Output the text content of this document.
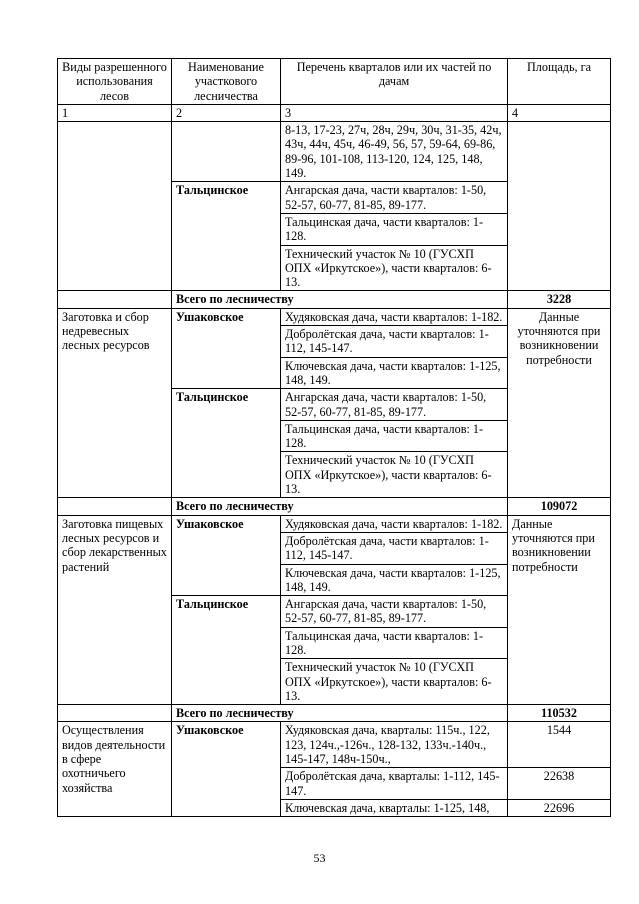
Виды разрешенного использования лесов	Наименование участкового лесничества	Перечень кварталов или их частей по дачам	Площадь, га
1	2	3	4
		8-13, 17-23, 27ч, 28ч, 29ч, 30ч, 31-35, 42ч, 43ч, 44ч, 45ч, 46-49, 56, 57, 59-64, 69-86, 89-96, 101-108, 113-120, 124, 125, 148, 149.	
	Тальцинское	Ангарская дача, части кварталов: 1-50, 52-57, 60-77, 81-85, 89-177.	
		Тальцинская дача, части кварталов: 1-128.	
		Технический участок № 10 (ГУСХП ОПХ «Иркутское»), части кварталов: 6-13.	
	Всего по лесничеству		3228
Заготовка и сбор недревесных лесных ресурсов	Ушаковское	Худяковская дача, части кварталов: 1-182.	Данные уточняются при возникновении потребности
		Добролётская дача, части кварталов: 1-112, 145-147.	
		Ключевская дача, части кварталов: 1-125, 148, 149.	
	Тальцинское	Ангарская дача, части кварталов: 1-50, 52-57, 60-77, 81-85, 89-177.	
		Тальцинская дача, части кварталов: 1-128.	
		Технический участок № 10 (ГУСХП ОПХ «Иркутское»), части кварталов: 6-13.	
	Всего по лесничеству		109072
Заготовка пищевых лесных ресурсов и сбор лекарственных растений	Ушаковское	Худяковская дача, части кварталов: 1-182.	Данные уточняются при возникновении потребности
		Добролётская дача, части кварталов: 1-112, 145-147.	
		Ключевская дача, части кварталов: 1-125, 148, 149.	
	Тальцинское	Ангарская дача, части кварталов: 1-50, 52-57, 60-77, 81-85, 89-177.	
		Тальцинская дача, части кварталов: 1-128.	
		Технический участок № 10 (ГУСХП ОПХ «Иркутское»), части кварталов: 6-13.	
	Всего по лесничеству		110532
Осуществления видов деятельности в сфере охотничьего хозяйства	Ушаковское	Худяковская дача, кварталы: 115ч., 122, 123, 124ч.,-126ч., 128-132, 133ч.-140ч., 145-147, 148ч-150ч.,	1544
		Добролётская дача, кварталы: 1-112, 145-147.	22638
		Ключевская дача, кварталы: 1-125, 148,	22696
53
